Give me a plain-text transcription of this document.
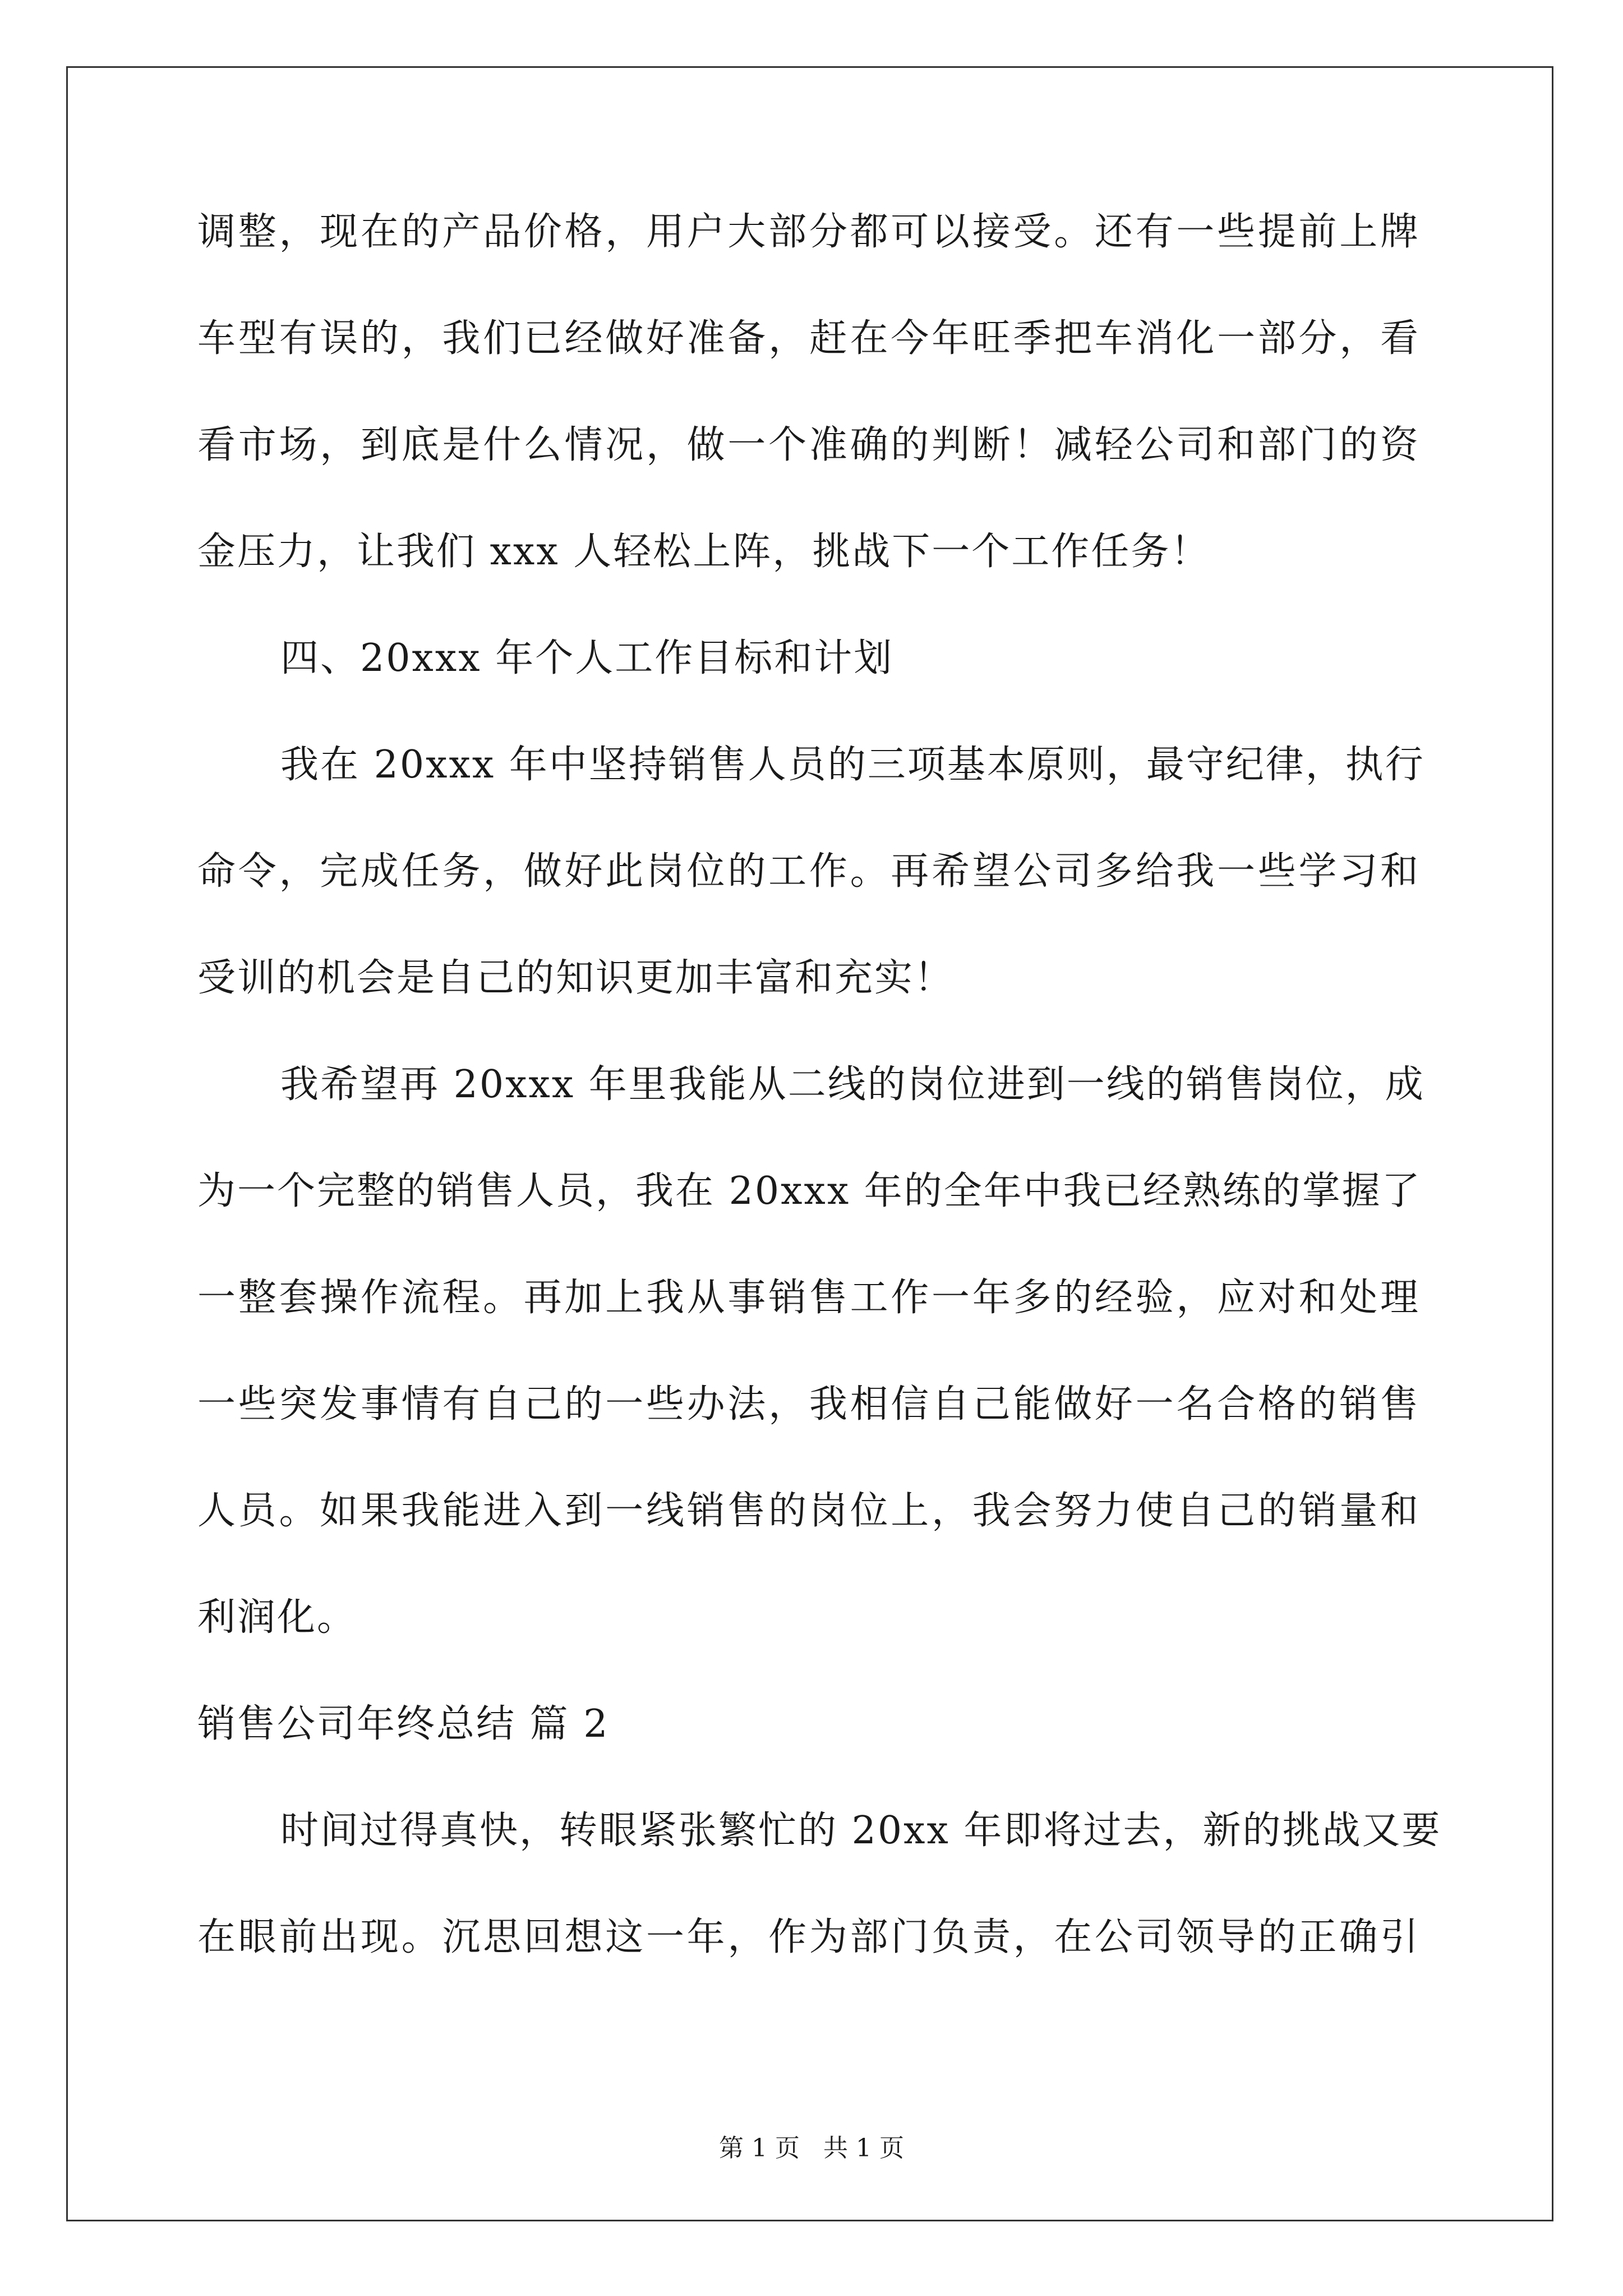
调整，现在的产品价格，用户大部分都可以接受。还有一些提前上牌
车型有误的，我们已经做好准备，赶在今年旺季把车消化一部分，看
看市场，到底是什么情况，做一个准确的判断！减轻公司和部门的资
金压力，让我们 xxx 人轻松上阵，挑战下一个工作任务！
四、20xxx 年个人工作目标和计划
我在 20xxx 年中坚持销售人员的三项基本原则，最守纪律，执行
命令，完成任务，做好此岗位的工作。再希望公司多给我一些学习和
受训的机会是自己的知识更加丰富和充实！
我希望再 20xxx 年里我能从二线的岗位进到一线的销售岗位，成
为一个完整的销售人员，我在 20xxx 年的全年中我已经熟练的掌握了
一整套操作流程。再加上我从事销售工作一年多的经验，应对和处理
一些突发事情有自己的一些办法，我相信自己能做好一名合格的销售
人员。如果我能进入到一线销售的岗位上，我会努力使自己的销量和
利润化。
销售公司年终总结 篇 2
时间过得真快，转眼紧张繁忙的 20xx 年即将过去，新的挑战又要
在眼前出现。沉思回想这一年，作为部门负责，在公司领导的正确引
第 1 页   共 1 页
